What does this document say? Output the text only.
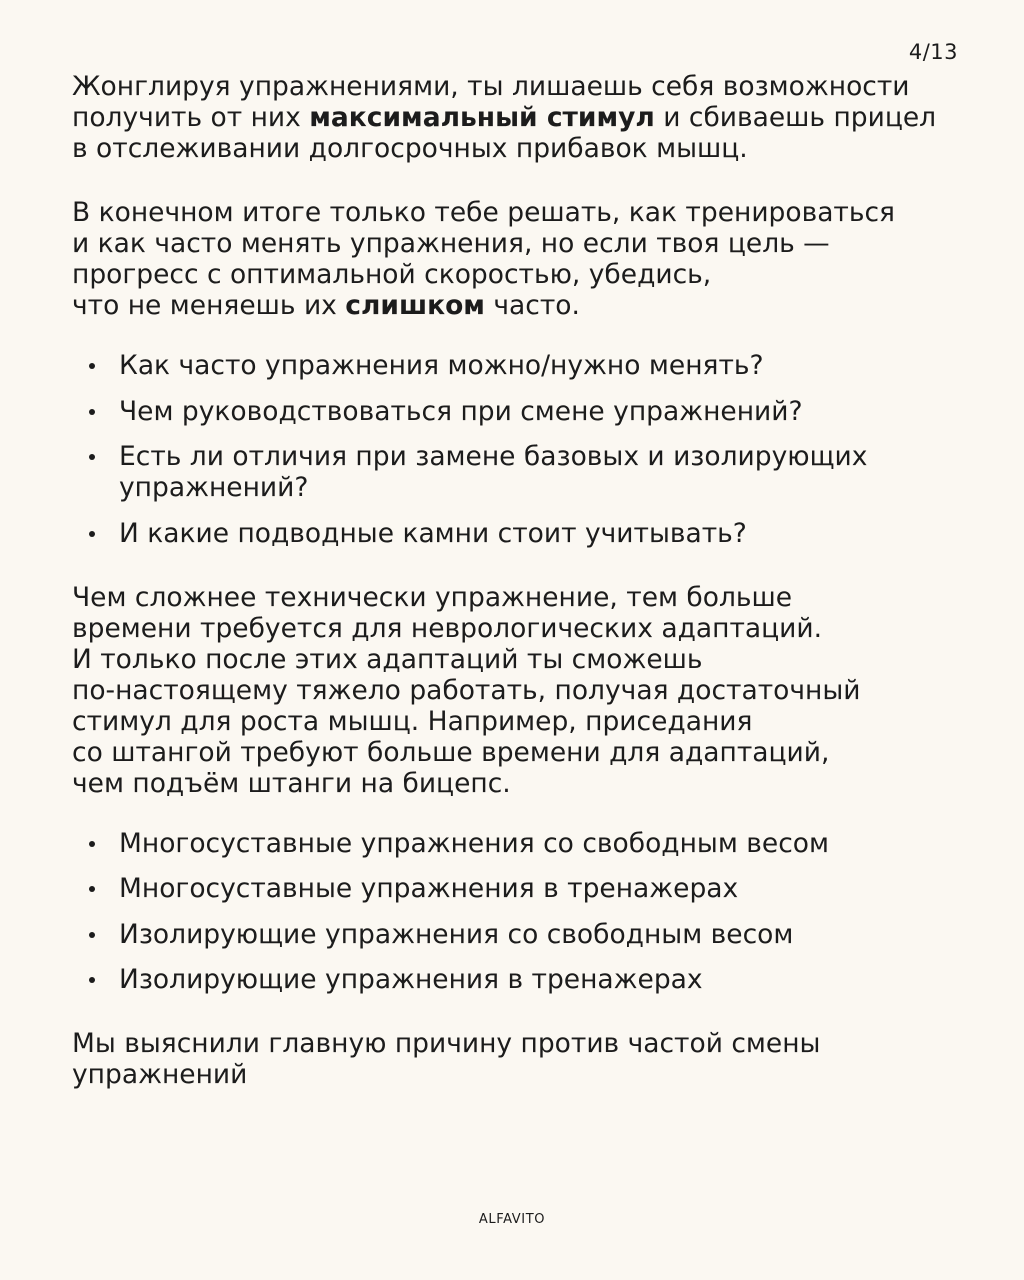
4/13

Жонглируя упражнениями, ты лишаешь себя возможности
получить от них максимальный стимул и сбиваешь прицел
в отслеживании долгосрочных прибавок мышц.

В конечном итоге только тебе решать, как тренироваться
и как часто менять упражнения, но если твоя цель —
прогресс с оптимальной скоростью, убедись,
что не меняешь их слишком часто.

Как часто упражнения можно/нужно менять?
Чем руководствоваться при смене упражнений?
Есть ли отличия при замене базовых и изолирующих
упражнений?
И какие подводные камни стоит учитывать?

Чем сложнее технически упражнение, тем больше
времени требуется для неврологических адаптаций.
И только после этих адаптаций ты сможешь
по-настоящему тяжело работать, получая достаточный
стимул для роста мышц. Например, приседания
со штангой требуют больше времени для адаптаций,
чем подъём штанги на бицепс.

Многосуставные упражнения со свободным весом
Многосуставные упражнения в тренажерах
Изолирующие упражнения со свободным весом
Изолирующие упражнения в тренажерах

Мы выяснили главную причину против частой смены
упражнений

ALFAVITO
